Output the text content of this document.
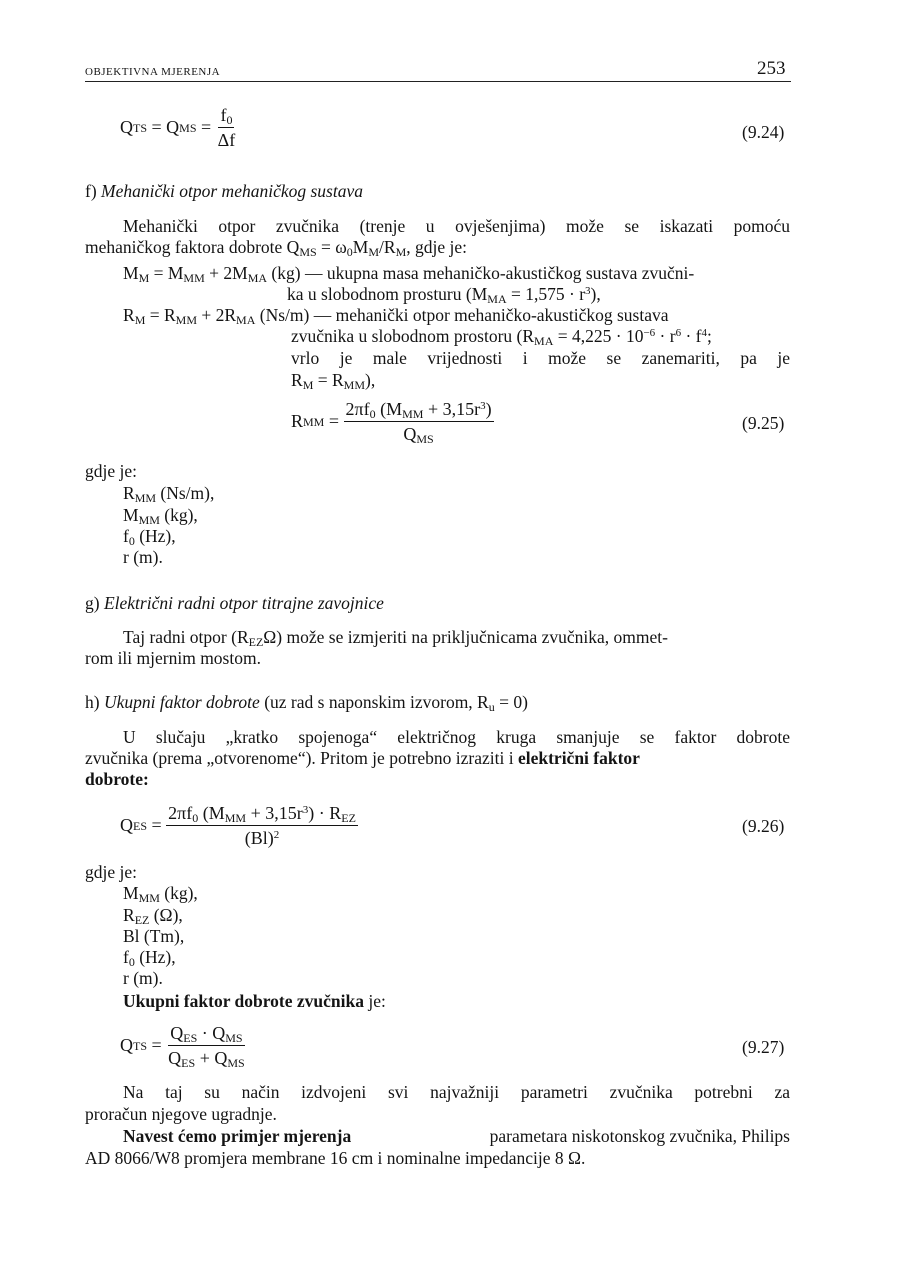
OBJEKTIVNA MJERENJA	253
Q TS = Q MS = $\frac{f_0}{\Delta f}$	(9.24)
f) Mehanički otpor mehaničkog sustava
Mehanički otpor zvučnika (trenje u ovješenjima) može se iskazati pomoću
mehaničkog faktora dobrote $Q_{MS} = \omega_0M_M/R_M$, gdje je:
$M_M = M_{MM} + 2M_{MA}$ (kg) — ukupna masa mehaničko-akustičkog sustava zvučni-
ka u slobodnom prosturu $(M_{MA} = 1,575 \cdot r^3)$,
$R_M = R_{MM} + 2R_{MA}$ (Ns/m) — mehanički otpor mehaničko-akustičkog sustava
zvučnika u slobodnom prostoru ($R_{MA} = 4,225 \cdot 10^{-6} \cdot r^6 \cdot f^4$;
vrlo je male vrijednosti i može se zanemariti, pa je
$R_M = R_{MM}$),
R MM = $\frac{2\pi f_0 (M_{MM} + 3,15r^3)}{Q_{MS}}$	(9.25)
gdje je:
$R_{MM}$ (Ns/m),
$M_{MM}$ (kg),
$f_0$ (Hz),
r (m).
g) Električni radni otpor titrajne zavojnice
Taj radni otpor $(R_{EZ}\Omega)$ može se izmjeriti na priključnicama zvučnika, ommet-
rom ili mjernim mostom.
h) Ukupni faktor dobrote (uz rad s naponskim izvorom, $R_u = 0$)
U slučaju „kratko spojenoga“ električnog kruga smanjuje se faktor dobrote
zvučnika (prema „otvorenome“). Pritom je potrebno izraziti i električni faktor
dobrote:
Q ES = $\frac{2\pi f_0 (M_{MM} + 3,15r^3) \cdot R_{EZ}}{(Bl)^2}$	(9.26)
gdje je:
$M_{MM}$ (kg),
$R_{EZ}$ (Ω),
Bl (Tm),
$f_0$ (Hz),
r (m).
Ukupni faktor dobrote zvučnika je:
Q TS = $\frac{Q_{ES} \cdot Q_{MS}}{Q_{ES} + Q_{MS}}$	(9.27)
Na taj su način izdvojeni svi najvažniji parametri zvučnika potrebni za
proračun njegove ugradnje.
Navest ćemo primjer mjerenja	parametara niskotonskog zvučnika, Philips
AD 8066/W8 promjera membrane 16 cm i nominalne impedancije 8 Ω.
